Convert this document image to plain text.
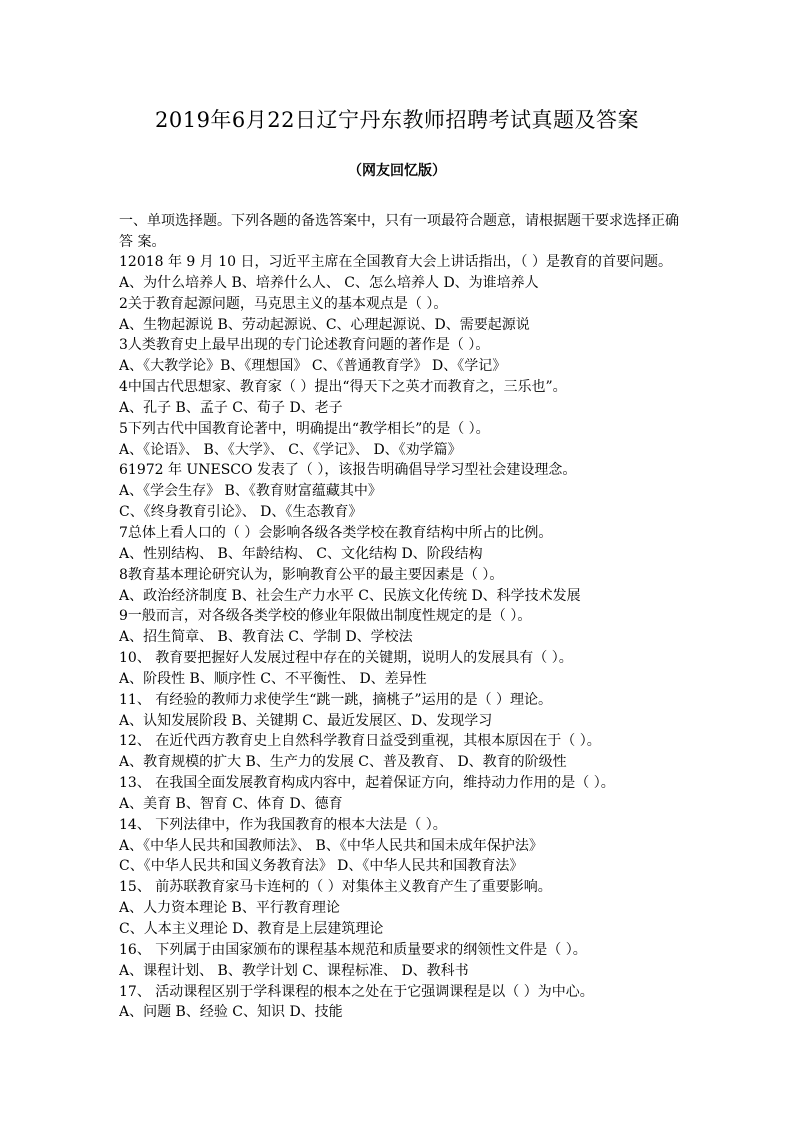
2019年6月22日辽宁丹东教师招聘考试真题及答案
（网友回忆版）
一、单项选择题。下列各题的备选答案中，只有一项最符合题意，请根据题干要求选择正确答 案。
12018 年 9 月 10 日，习近平主席在全国教育大会上讲话指出，（ ）是教育的首要问题。
A、为什么培养人 B、培养什么人、 C、怎么培养人 D、为谁培养人
2关于教育起源问题，马克思主义的基本观点是（ ）。
A、生物起源说 B、劳动起源说、C、心理起源说、D、需要起源说
3人类教育史上最早出现的专门论述教育问题的著作是（ ）。
A、《大教学论》B、《理想国》 C、《普通教育学》 D、《学记》
4中国古代思想家、教育家（ ）提出“得天下之英才而教育之，三乐也”。
A、孔子 B、孟子 C、荀子 D、老子
5下列古代中国教育论著中，明确提出“教学相长”的是（ ）。
A、《论语》、 B、《大学》、 C、《学记》、 D、《劝学篇》
61972 年 UNESCO 发表了（ ），该报告明确倡导学习型社会建设理念。
A、《学会生存》 B、《教育财富蕴藏其中》
C、《终身教育引论》、 D、《生态教育》
7总体上看人口的（ ）会影响各级各类学校在教育结构中所占的比例。
A、性别结构、 B、年龄结构、 C、文化结构 D、阶段结构
8教育基本理论研究认为，影响教育公平的最主要因素是（ ）。
A、政治经济制度 B、社会生产力水平 C、民族文化传统 D、科学技术发展
9一般而言，对各级各类学校的修业年限做出制度性规定的是（ ）。
A、招生简章、 B、教育法 C、学制 D、学校法
10、 教育要把握好人发展过程中存在的关键期，说明人的发展具有（ ）。
A、阶段性 B、顺序性 C、不平衡性、 D、差异性
11、 有经验的教师力求使学生“跳一跳，摘桃子”运用的是（ ）理论。
A、认知发展阶段 B、关键期 C、最近发展区、D、发现学习
12、 在近代西方教育史上自然科学教育日益受到重视，其根本原因在于（ ）。
A、教育规模的扩大 B、生产力的发展 C、普及教育、 D、教育的阶级性
13、 在我国全面发展教育构成内容中，起着保证方向，维持动力作用的是（ ）。
A、美育 B、智育 C、体育 D、德育
14、 下列法律中，作为我国教育的根本大法是（ ）。
A、《中华人民共和国教师法》、 B、《中华人民共和国未成年保护法》
C、《中华人民共和国义务教育法》 D、《中华人民共和国教育法》
15、 前苏联教育家马卡连柯的（ ）对集体主义教育产生了重要影响。
A、人力资本理论 B、平行教育理论
C、人本主义理论 D、教育是上层建筑理论
16、 下列属于由国家颁布的课程基本规范和质量要求的纲领性文件是（ ）。
A、课程计划、 B、教学计划 C、课程标准、 D、教科书
17、 活动课程区别于学科课程的根本之处在于它强调课程是以（ ）为中心。
A、问题 B、经验 C、知识 D、技能
